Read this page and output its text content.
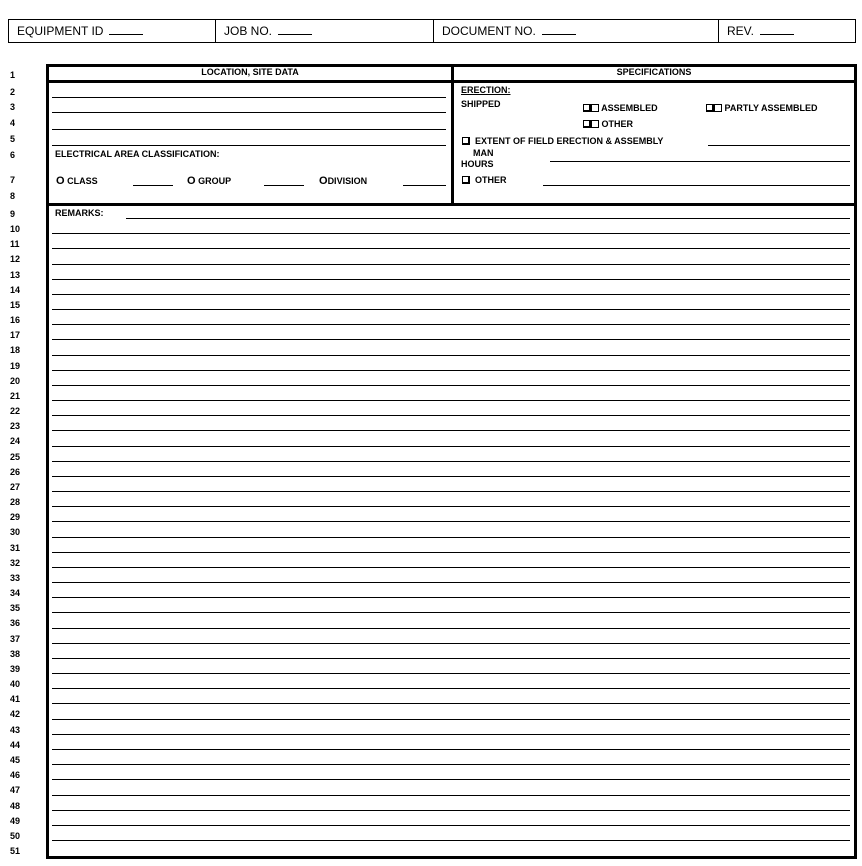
EQUIPMENT ID	JOB NO.	DOCUMENT NO.	REV.
1
2
3
4
5
6
7
8
9
10
11
12
13
14
15
16
17
18
19
20
21
22
23
24
25
26
27
28
29
30
31
32
33
34
35
36
37
38
39
40
41
42
43
44
45
46
47
48
49
50
51
LOCATION, SITE DATA	SPECIFICATIONS
ELECTRICAL AREA CLASSIFICATION:
O CLASS	O GROUP	ODIVISION
ERECTION:
SHIPPED	ASSEMBLED	PARTLY ASSEMBLED
OTHER
EXTENT OF FIELD ERECTION & ASSEMBLY
MAN
HOURS
OTHER
REMARKS:
